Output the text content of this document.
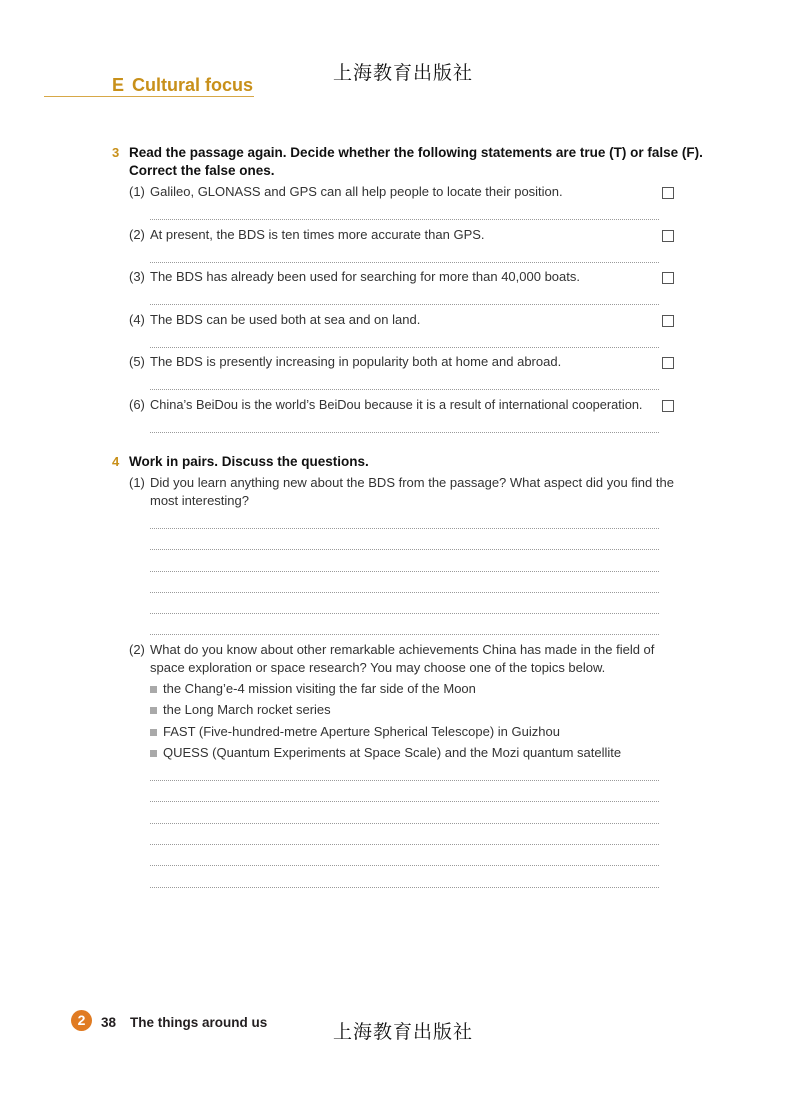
上海教育出版社
E Cultural focus
3 Read the passage again. Decide whether the following statements are true (T) or false (F).
Correct the false ones.
(1) Galileo, GLONASS and GPS can all help people to locate their position.
(2) At present, the BDS is ten times more accurate than GPS.
(3) The BDS has already been used for searching for more than 40,000 boats.
(4) The BDS can be used both at sea and on land.
(5) The BDS is presently increasing in popularity both at home and abroad.
(6) China’s BeiDou is the world’s BeiDou because it is a result of international cooperation.
4 Work in pairs. Discuss the questions.
(1) Did you learn anything new about the BDS from the passage? What aspect did you find the
most interesting?
(2) What do you know about other remarkable achievements China has made in the field of
space exploration or space research? You may choose one of the topics below.
the Chang’e-4 mission visiting the far side of the Moon
the Long March rocket series
FAST (Five-hundred-metre Aperture Spherical Telescope) in Guizhou
QUESS (Quantum Experiments at Space Scale) and the Mozi quantum satellite
2	38 The things around us	上海教育出版社
